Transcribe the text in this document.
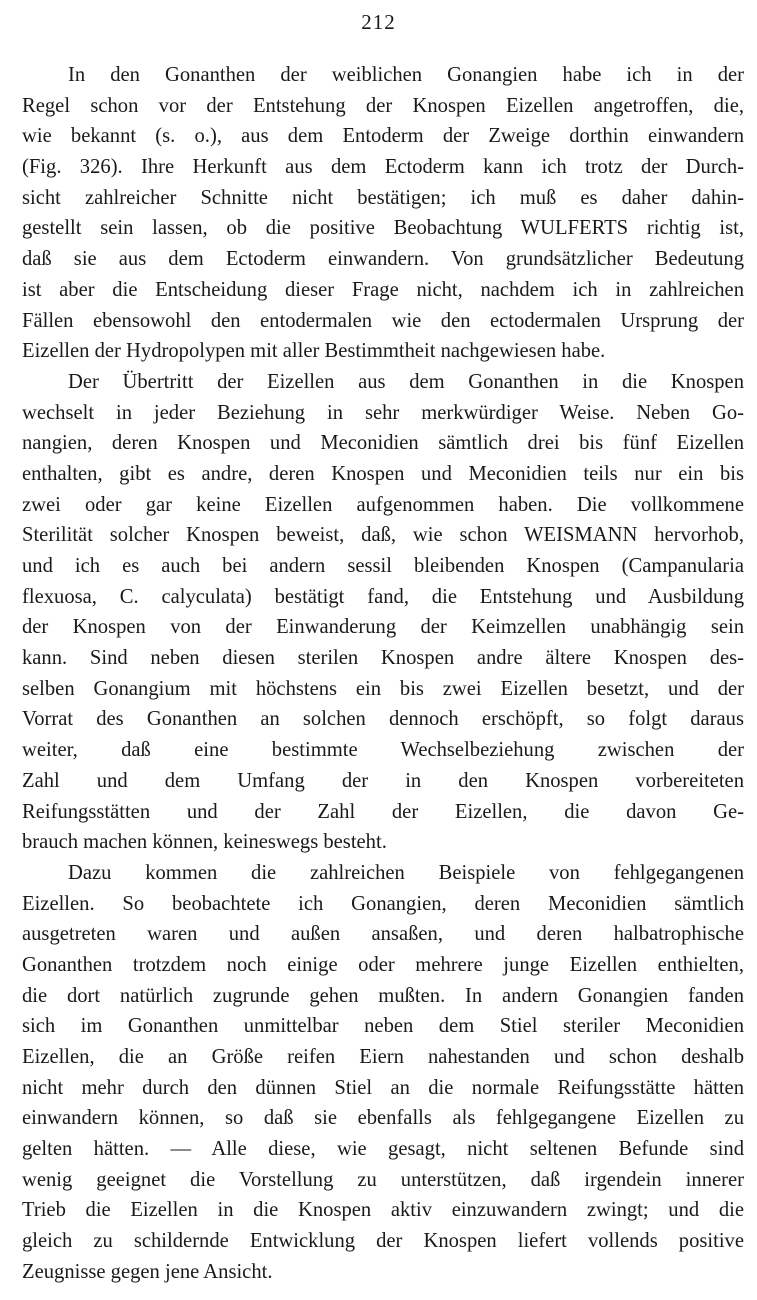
212
In den Gonanthen der weiblichen Gonangien habe ich in der
Regel schon vor der Entstehung der Knospen Eizellen angetroffen, die,
wie bekannt (s. o.), aus dem Entoderm der Zweige dorthin einwandern
(Fig. 326). Ihre Herkunft aus dem Ectoderm kann ich trotz der Durch-
sicht zahlreicher Schnitte nicht bestätigen; ich muß es daher dahin-
gestellt sein lassen, ob die positive Beobachtung WULFERTS richtig ist,
daß sie aus dem Ectoderm einwandern. Von grundsätzlicher Bedeutung
ist aber die Entscheidung dieser Frage nicht, nachdem ich in zahlreichen
Fällen ebensowohl den entodermalen wie den ectodermalen Ursprung der
Eizellen der Hydropolypen mit aller Bestimmtheit nachgewiesen habe.
Der Übertritt der Eizellen aus dem Gonanthen in die Knospen
wechselt in jeder Beziehung in sehr merkwürdiger Weise. Neben Go-
nangien, deren Knospen und Meconidien sämtlich drei bis fünf Eizellen
enthalten, gibt es andre, deren Knospen und Meconidien teils nur ein bis
zwei oder gar keine Eizellen aufgenommen haben. Die vollkommene
Sterilität solcher Knospen beweist, daß, wie schon WEISMANN hervorhob,
und ich es auch bei andern sessil bleibenden Knospen (Campanularia
flexuosa, C. calyculata) bestätigt fand, die Entstehung und Ausbildung
der Knospen von der Einwanderung der Keimzellen unabhängig sein
kann. Sind neben diesen sterilen Knospen andre ältere Knospen des-
selben Gonangium mit höchstens ein bis zwei Eizellen besetzt, und der
Vorrat des Gonanthen an solchen dennoch erschöpft, so folgt daraus
weiter, daß eine bestimmte Wechselbeziehung zwischen der
Zahl und dem Umfang der in den Knospen vorbereiteten
Reifungsstätten und der Zahl der Eizellen, die davon Ge-
brauch machen können, keineswegs besteht.
Dazu kommen die zahlreichen Beispiele von fehlgegangenen
Eizellen. So beobachtete ich Gonangien, deren Meconidien sämtlich
ausgetreten waren und außen ansaßen, und deren halbatrophische
Gonanthen trotzdem noch einige oder mehrere junge Eizellen enthielten,
die dort natürlich zugrunde gehen mußten. In andern Gonangien fanden
sich im Gonanthen unmittelbar neben dem Stiel steriler Meconidien
Eizellen, die an Größe reifen Eiern nahestanden und schon deshalb
nicht mehr durch den dünnen Stiel an die normale Reifungsstätte hätten
einwandern können, so daß sie ebenfalls als fehlgegangene Eizellen zu
gelten hätten. — Alle diese, wie gesagt, nicht seltenen Befunde sind
wenig geeignet die Vorstellung zu unterstützen, daß irgendein innerer
Trieb die Eizellen in die Knospen aktiv einzuwandern zwingt; und die
gleich zu schildernde Entwicklung der Knospen liefert vollends positive
Zeugnisse gegen jene Ansicht.
